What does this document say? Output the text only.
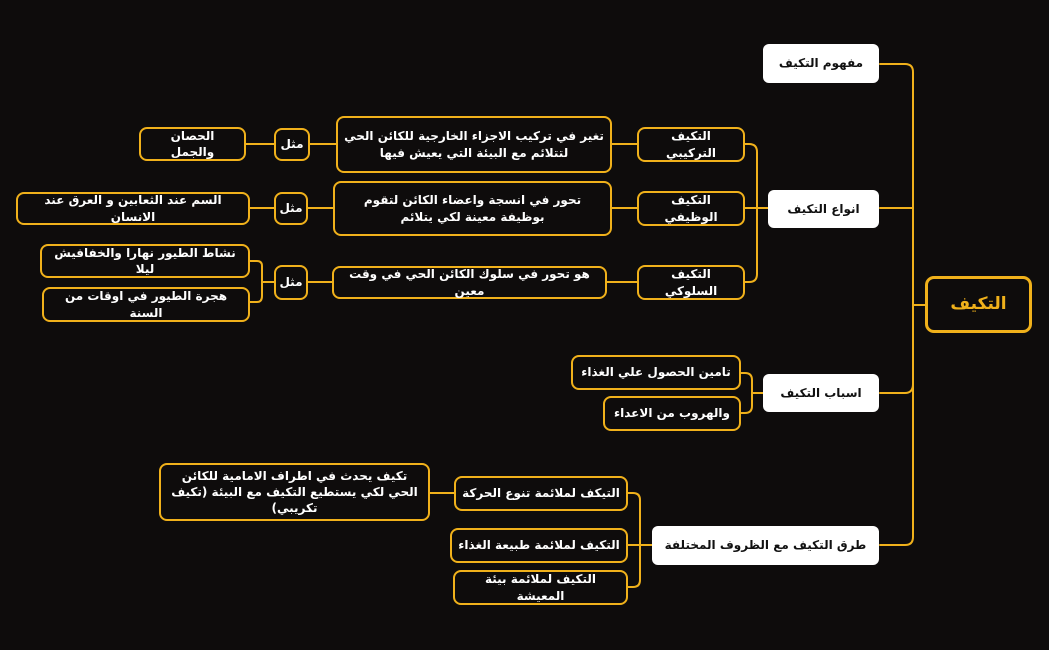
التكيف
مفهوم التكيف
انواع التكيف
اسباب التكيف
طرق التكيف مع الظروف المختلفة
التكيف التركيبي
التكيف الوظيفي
التكيف السلوكي
تغير في تركيب الاجزاء الخارجية للكائن الحي لتتلائم مع البيئة التي يعيش فيها
تحور في انسجة واعضاء الكائن لتقوم بوظيفة معينة لكي يتلائم
هو تحور في سلوك الكائن الحي في وقت معين
مثل
مثل
مثل
الحصان والجمل
السم عند الثعابين و العرق عند الانسان
نشاط الطيور نهارا والخفافيش ليلا
هجرة الطيور في اوقات من السنة
تامين الحصول علي الغذاء
والهروب من الاعداء
التيكف لملائمة تنوع الحركة
التكيف لملائمة طبيعة الغذاء
التكيف لملائمة بيئة المعيشة
تكيف يحدث في اطراف الامامية للكائن الحي لكي يستطيع التكيف مع البيئة (تكيف تكريبي)
